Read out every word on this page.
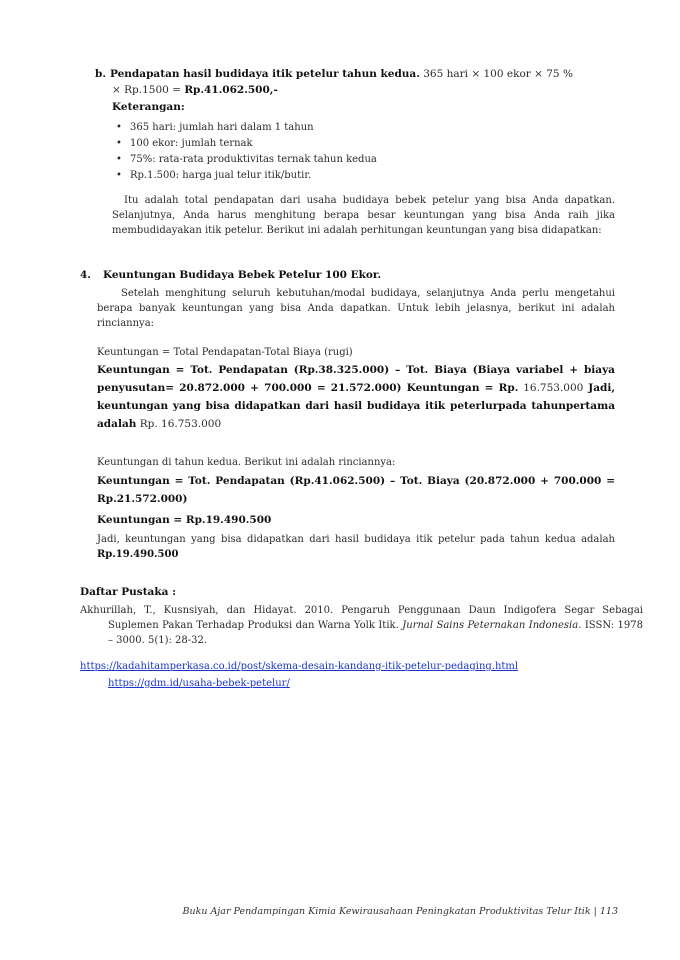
b. Pendapatan hasil budidaya itik petelur tahun kedua. 365 hari × 100 ekor × 75 %
× Rp.1500 = Rp.41.062.500,-
Keterangan:
• 365 hari: jumlah hari dalam 1 tahun
• 100 ekor: jumlah ternak
• 75%: rata-rata produktivitas ternak tahun kedua
• Rp.1.500: harga jual telur itik/butir.
Itu adalah total pendapatan dari usaha budidaya bebek petelur yang bisa Anda dapatkan. Selanjutnya, Anda harus menghitung berapa besar keuntungan yang bisa Anda raih jika membudidayakan itik petelur. Berikut ini adalah perhitungan keuntungan yang bisa didapatkan:
4. Keuntungan Budidaya Bebek Petelur 100 Ekor.
Setelah menghitung seluruh kebutuhan/modal budidaya, selanjutnya Anda perlu mengetahui berapa banyak keuntungan yang bisa Anda dapatkan. Untuk lebih jelasnya, berikut ini adalah rinciannya:
Keuntungan = Total Pendapatan-Total Biaya (rugi)
Keuntungan = Tot. Pendapatan (Rp.38.325.000) – Tot. Biaya (Biaya variabel + biaya penyusutan= 20.872.000 + 700.000 = 21.572.000) Keuntungan = Rp. 16.753.000 Jadi, keuntungan yang bisa didapatkan dari hasil budidaya itik peterlurpada tahunpertama adalah Rp. 16.753.000
Keuntungan di tahun kedua. Berikut ini adalah rinciannya:
Keuntungan = Tot. Pendapatan (Rp.41.062.500) – Tot. Biaya (20.872.000 + 700.000 = Rp.21.572.000)
Keuntungan = Rp.19.490.500
Jadi, keuntungan yang bisa didapatkan dari hasil budidaya itik petelur pada tahun kedua adalah Rp.19.490.500
Daftar Pustaka :
Akhurillah, T., Kusnsiyah, dan Hidayat. 2010. Pengaruh Penggunaan Daun Indigofera Segar Sebagai Suplemen Pakan Terhadap Produksi dan Warna Yolk Itik. Jurnal Sains Peternakan Indonesia. ISSN: 1978 – 3000. 5(1): 28-32.
https://kadahitamperkasa.co.id/post/skema-desain-kandang-itik-petelur-pedaging.html
https://gdm.id/usaha-bebek-petelur/
Buku Ajar Pendampingan Kimia Kewirausahaan Peningkatan Produktivitas Telur Itik | 113
